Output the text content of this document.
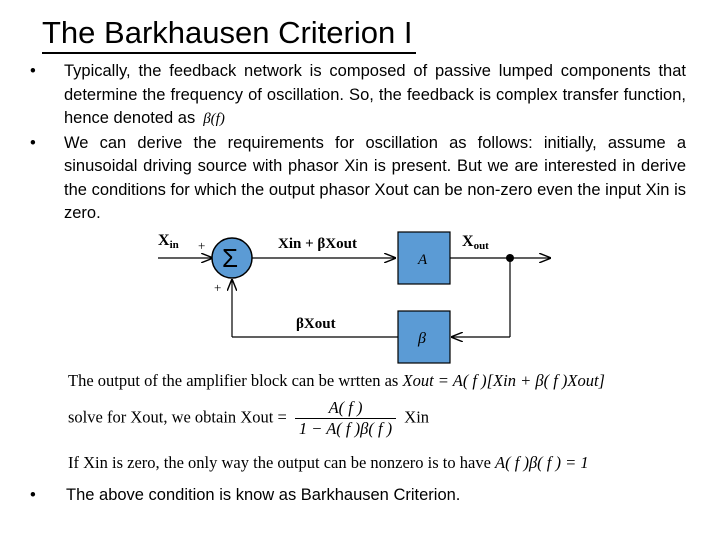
The Barkhausen Criterion I
• Typically, the feedback network is composed of passive lumped components that determine the frequency of oscillation. So, the feedback is complex transfer function, hence denoted as β(f)
• We can derive the requirements for oscillation as follows: initially, assume a sinusoidal driving source with phasor Xin is present. But we are interested in derive the conditions for which the output phasor Xout can be non-zero even the input Xin is zero.
Xin + Σ
+
Xin + βXout
A
Xout
β
βXout
The output of the amplifier block can be wrtten as Xout = A( f )[Xin + β( f )Xout]
solve for Xout, we obtain Xout = $\frac{A( f )}{1 - A( f )\beta( f )}$ Xin
If Xin is zero, the only way the output can be nonzero is to have A( f )β( f ) = 1
• The above condition is know as Barkhausen Criterion.
